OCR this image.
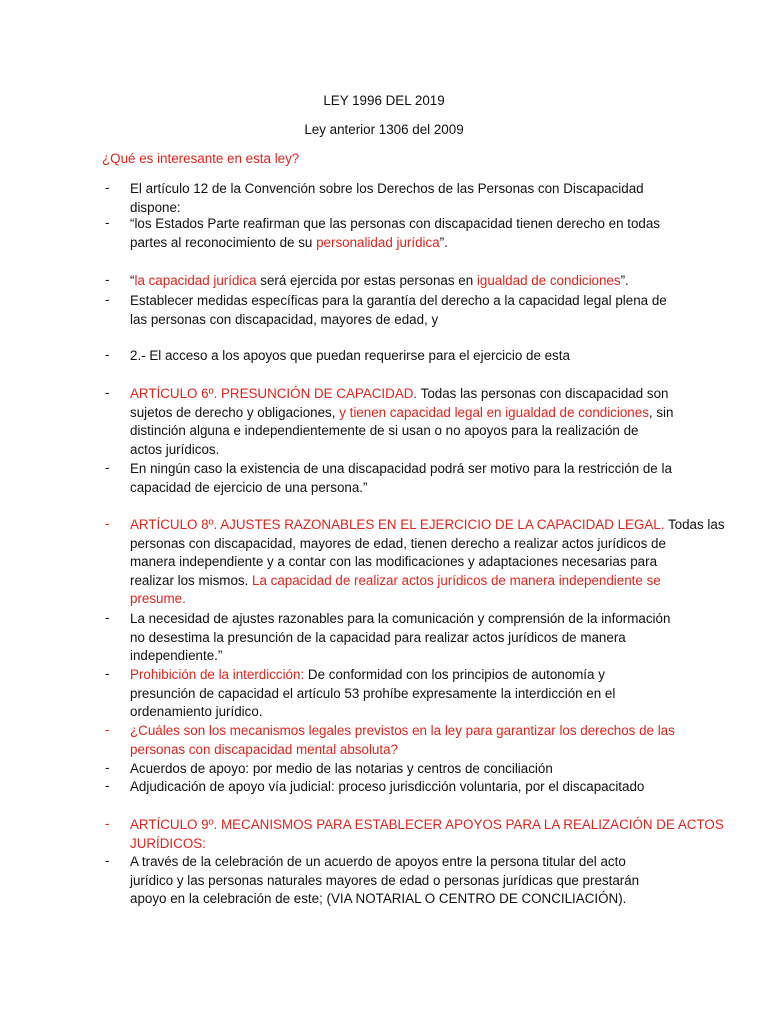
LEY 1996 DEL 2019
Ley anterior 1306 del 2009
¿Qué es interesante en esta ley?
- El artículo 12 de la Convención sobre los Derechos de las Personas con Discapacidad
dispone:
- “los Estados Parte reafirman que las personas con discapacidad tienen derecho en todas
partes al reconocimiento de su personalidad jurídica”.
- “la capacidad jurídica será ejercida por estas personas en igualdad de condiciones”.
- Establecer medidas específicas para la garantía del derecho a la capacidad legal plena de
las personas con discapacidad, mayores de edad, y
- 2.- El acceso a los apoyos que puedan requerirse para el ejercicio de esta
- ARTÍCULO 6º. PRESUNCIÓN DE CAPACIDAD. Todas las personas con discapacidad son
sujetos de derecho y obligaciones, y tienen capacidad legal en igualdad de condiciones, sin
distinción alguna e independientemente de si usan o no apoyos para la realización de
actos jurídicos.
- En ningún caso la existencia de una discapacidad podrá ser motivo para la restricción de la
capacidad de ejercicio de una persona.”
- ARTÍCULO 8º. AJUSTES RAZONABLES EN EL EJERCICIO DE LA CAPACIDAD LEGAL. Todas las
personas con discapacidad, mayores de edad, tienen derecho a realizar actos jurídicos de
manera independiente y a contar con las modificaciones y adaptaciones necesarias para
realizar los mismos. La capacidad de realizar actos jurídicos de manera independiente se
presume.
- La necesidad de ajustes razonables para la comunicación y comprensión de la información
no desestima la presunción de la capacidad para realizar actos jurídicos de manera
independiente.”
- Prohibición de la interdicción: De conformidad con los principios de autonomía y
presunción de capacidad el artículo 53 prohíbe expresamente la interdicción en el
ordenamiento jurídico.
- ¿Cuáles son los mecanismos legales previstos en la ley para garantizar los derechos de las
personas con discapacidad mental absoluta?
- Acuerdos de apoyo: por medio de las notarias y centros de conciliación
- Adjudicación de apoyo vía judicial: proceso jurisdicción voluntaria, por el discapacitado
- ARTÍCULO 9º. MECANISMOS PARA ESTABLECER APOYOS PARA LA REALIZACIÓN DE ACTOS
JURÍDICOS:
- A través de la celebración de un acuerdo de apoyos entre la persona titular del acto
jurídico y las personas naturales mayores de edad o personas jurídicas que prestarán
apoyo en la celebración de este; (VIA NOTARIAL O CENTRO DE CONCILIACIÓN).
